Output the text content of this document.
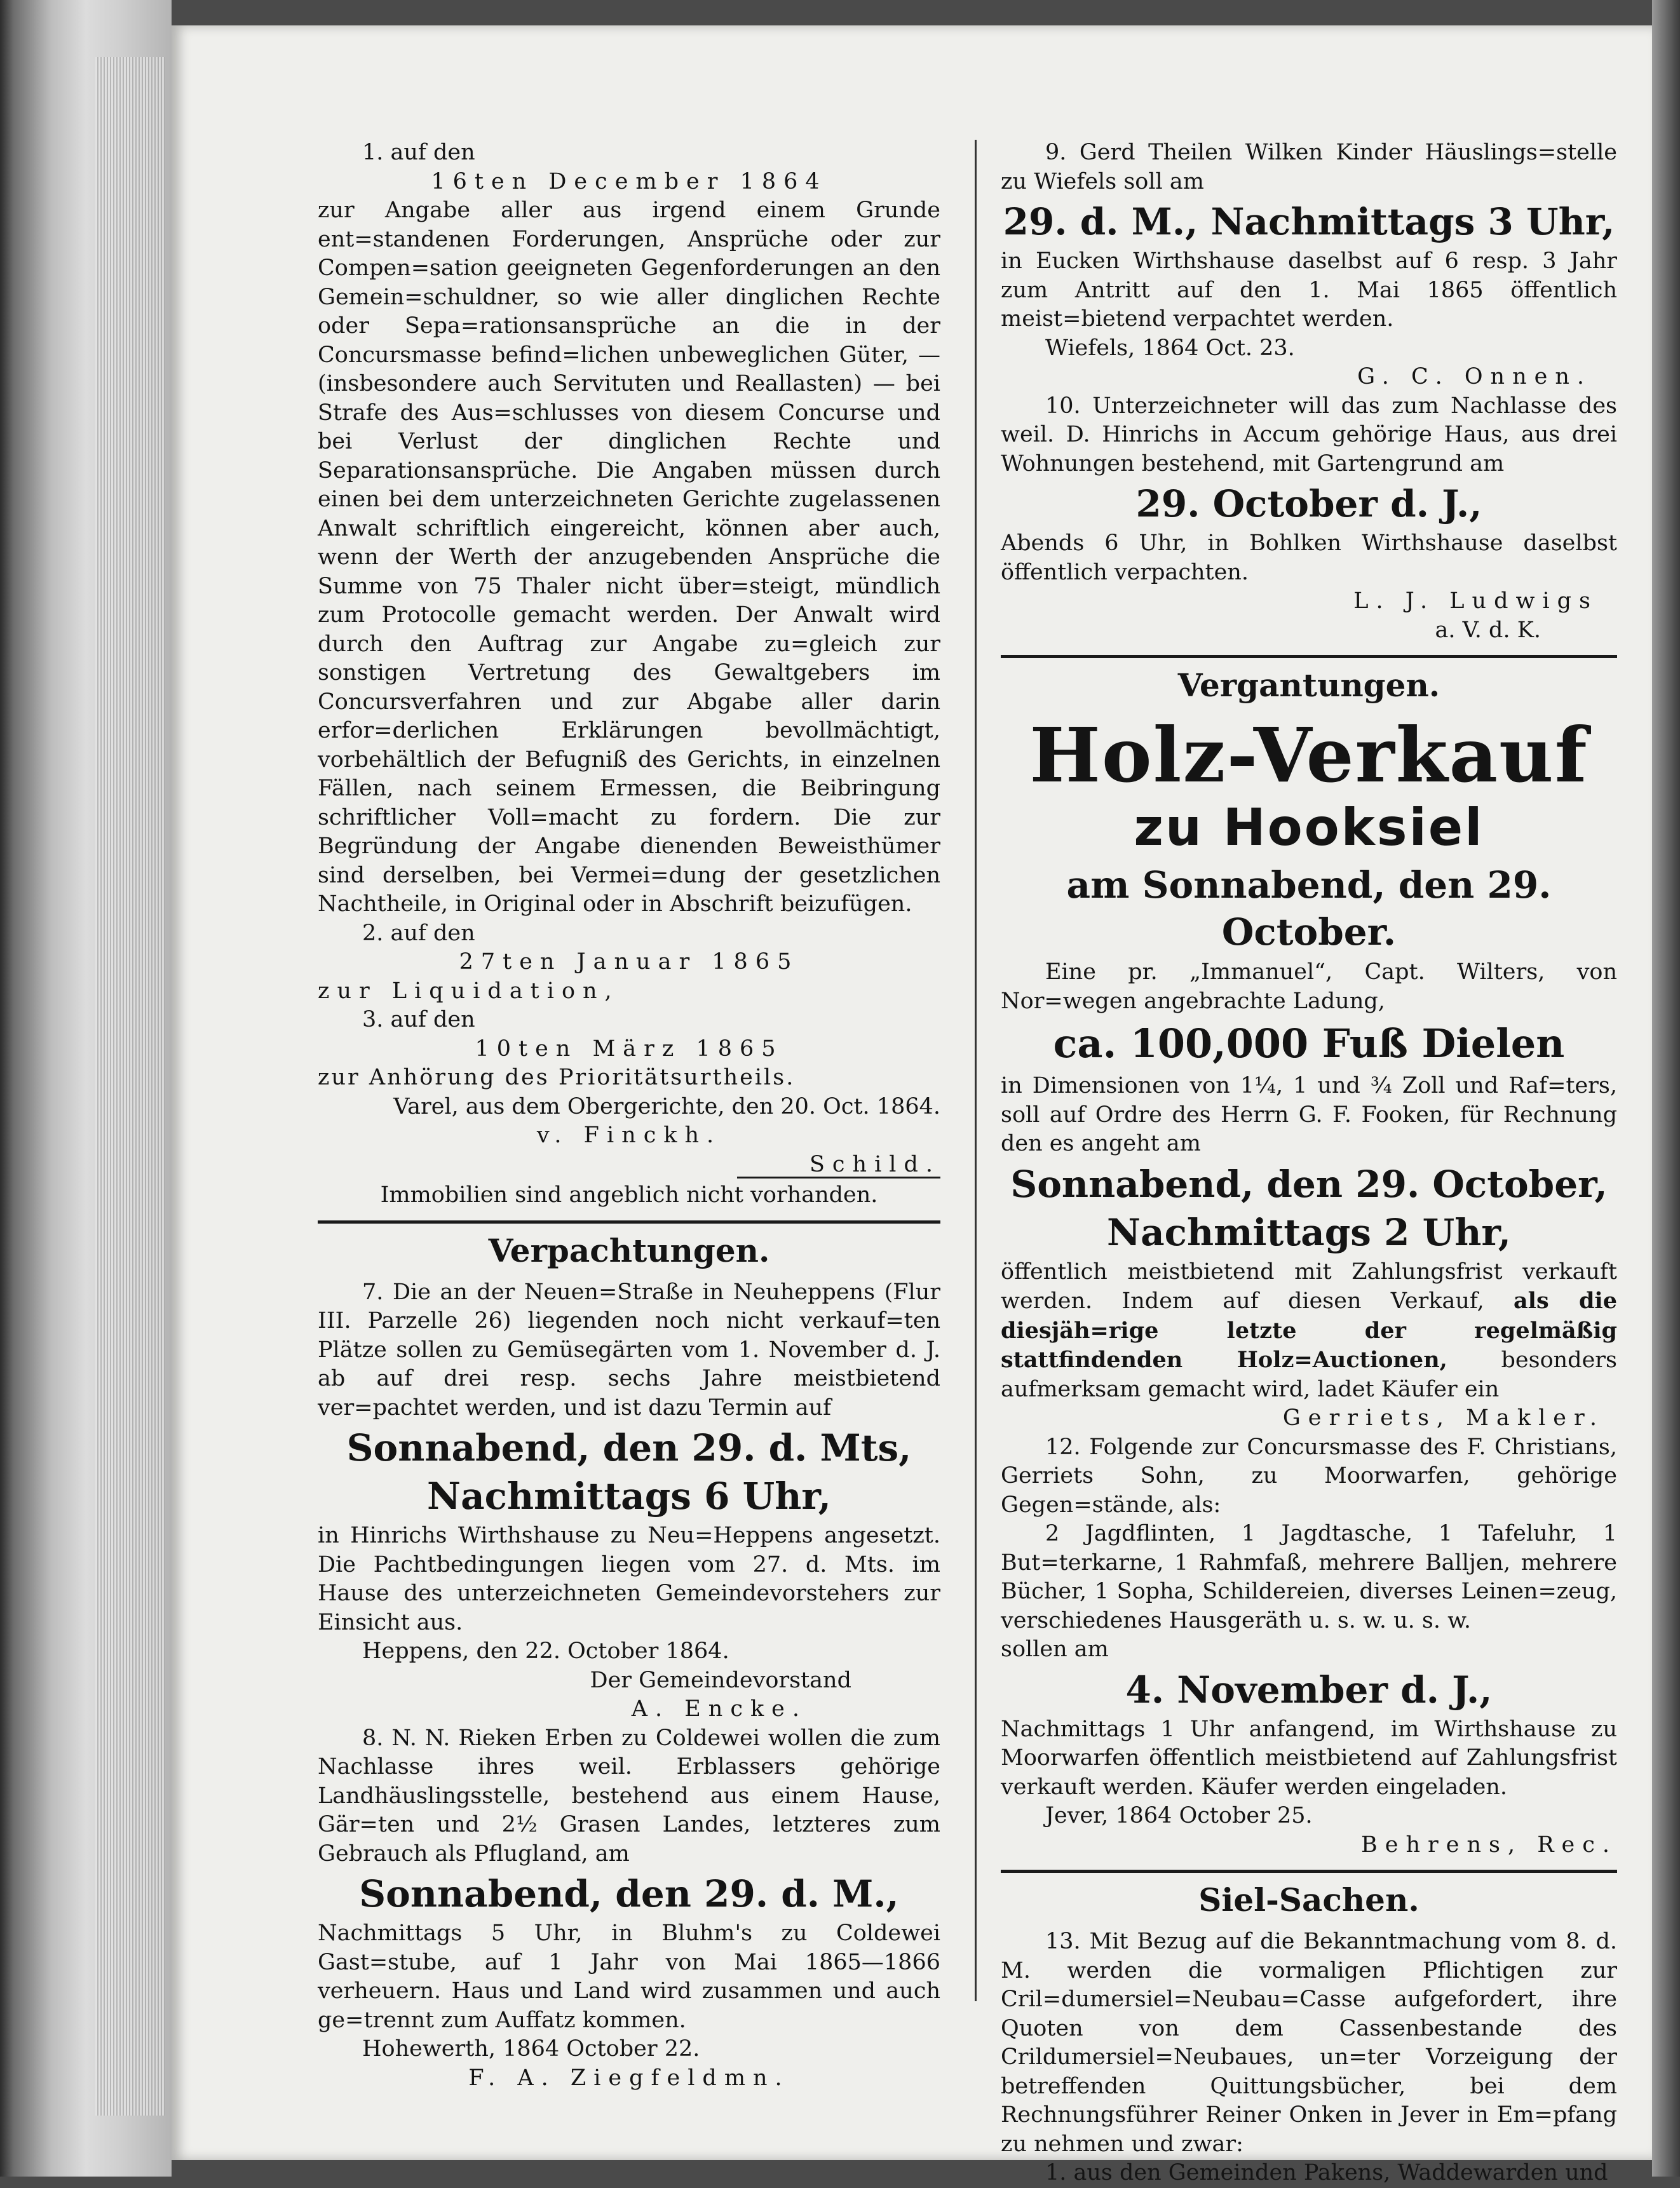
1. auf den

16ten December 1864

zur Angabe aller aus irgend einem Grunde ent=standenen Forderungen, Ansprüche oder zur Compen=sation geeigneten Gegenforderungen an den Gemein=schuldner, so wie aller dinglichen Rechte oder Sepa=rationsansprüche an die in der Concursmasse befind=lichen unbeweglichen Güter, — (insbesondere auch Servituten und Reallasten) — bei Strafe des Aus=schlusses von diesem Concurse und bei Verlust der dinglichen Rechte und Separationsansprüche. Die Angaben müssen durch einen bei dem unterzeichneten Gerichte zugelassenen Anwalt schriftlich eingereicht, können aber auch, wenn der Werth der anzugebenden Ansprüche die Summe von 75 Thaler nicht über=steigt, mündlich zum Protocolle gemacht werden. Der Anwalt wird durch den Auftrag zur Angabe zu=gleich zur sonstigen Vertretung des Gewaltgebers im Concursverfahren und zur Abgabe aller darin erfor=derlichen Erklärungen bevollmächtigt, vorbehältlich der Befugniß des Gerichts, in einzelnen Fällen, nach seinem Ermessen, die Beibringung schriftlicher Voll=macht zu fordern. Die zur Begründung der Angabe dienenden Beweisthümer sind derselben, bei Vermei=dung der gesetzlichen Nachtheile, in Original oder in Abschrift beizufügen.

2. auf den

27ten Januar 1865

zur Liquidation,

3. auf den

10ten März 1865

zur Anhörung des Prioritätsurtheils.

Varel, aus dem Obergerichte, den 20. Oct. 1864.

v. Finckh.

Schild.

Immobilien sind angeblich nicht vorhanden.

Verpachtungen.

7. Die an der Neuen=Straße in Neuheppens (Flur III. Parzelle 26) liegenden noch nicht verkauf=ten Plätze sollen zu Gemüsegärten vom 1. November d. J. ab auf drei resp. sechs Jahre meistbietend ver=pachtet werden, und ist dazu Termin auf

Sonnabend, den 29. d. Mts,

Nachmittags 6 Uhr,

in Hinrichs Wirthshause zu Neu=Heppens angesetzt. Die Pachtbedingungen liegen vom 27. d. Mts. im Hause des unterzeichneten Gemeindevorstehers zur Einsicht aus.

Heppens, den 22. October 1864.

Der Gemeindevorstand

A. Encke.

8. N. N. Rieken Erben zu Coldewei wollen die zum Nachlasse ihres weil. Erblassers gehörige Landhäuslingsstelle, bestehend aus einem Hause, Gär=ten und 2½ Grasen Landes, letzteres zum Gebrauch als Pflugland, am

Sonnabend, den 29. d. M.,

Nachmittags 5 Uhr, in Bluhm's zu Coldewei Gast=stube, auf 1 Jahr von Mai 1865—1866 verheuern. Haus und Land wird zusammen und auch ge=trennt zum Auffatz kommen.

Hohewerth, 1864 October 22.

F. A. Ziegfeldmn.

9. Gerd Theilen Wilken Kinder Häuslings=stelle zu Wiefels soll am

29. d. M., Nachmittags 3 Uhr,

in Eucken Wirthshause daselbst auf 6 resp. 3 Jahr zum Antritt auf den 1. Mai 1865 öffentlich meist=bietend verpachtet werden.

Wiefels, 1864 Oct. 23.

G. C. Onnen.

10. Unterzeichneter will das zum Nachlasse des weil. D. Hinrichs in Accum gehörige Haus, aus drei Wohnungen bestehend, mit Gartengrund am

29. October d. J.,

Abends 6 Uhr, in Bohlken Wirthshause daselbst öffentlich verpachten.

L. J. Ludwigs

a. V. d. K.

Vergantungen.

Holz-Verkauf

zu Hooksiel

am Sonnabend, den 29. October.

Eine pr. „Immanuel“, Capt. Wilters, von Nor=wegen angebrachte Ladung,

ca. 100,000 Fuß Dielen

in Dimensionen von 1¼, 1 und ¾ Zoll und Raf=ters, soll auf Ordre des Herrn G. F. Fooken, für Rechnung den es angeht am

Sonnabend, den 29. October,

Nachmittags 2 Uhr,

öffentlich meistbietend mit Zahlungsfrist verkauft werden. Indem auf diesen Verkauf, als die diesjäh=rige letzte der regelmäßig stattfindenden Holz=Auctionen, besonders aufmerksam gemacht wird, ladet Käufer ein

Gerriets, Makler.

12. Folgende zur Concursmasse des F. Christians, Gerriets Sohn, zu Moorwarfen, gehörige Gegen=stände, als:

2 Jagdflinten, 1 Jagdtasche, 1 Tafeluhr, 1 But=terkarne, 1 Rahmfaß, mehrere Balljen, mehrere Bücher, 1 Sopha, Schildereien, diverses Leinen=zeug, verschiedenes Hausgeräth u. s. w. u. s. w.

sollen am

4. November d. J.,

Nachmittags 1 Uhr anfangend, im Wirthshause zu Moorwarfen öffentlich meistbietend auf Zahlungsfrist verkauft werden. Käufer werden eingeladen.

Jever, 1864 October 25.

Behrens, Rec.

Siel-Sachen.

13. Mit Bezug auf die Bekanntmachung vom 8. d. M. werden die vormaligen Pflichtigen zur Cril=dumersiel=Neubau=Casse aufgefordert, ihre Quoten von dem Cassenbestande des Crildumersiel=Neubaues, un=ter Vorzeigung der betreffenden Quittungsbücher, bei dem Rechnungsführer Reiner Onken in Jever in Em=pfang zu nehmen und zwar:

1. aus den Gemeinden Pakens, Waddewarden und
